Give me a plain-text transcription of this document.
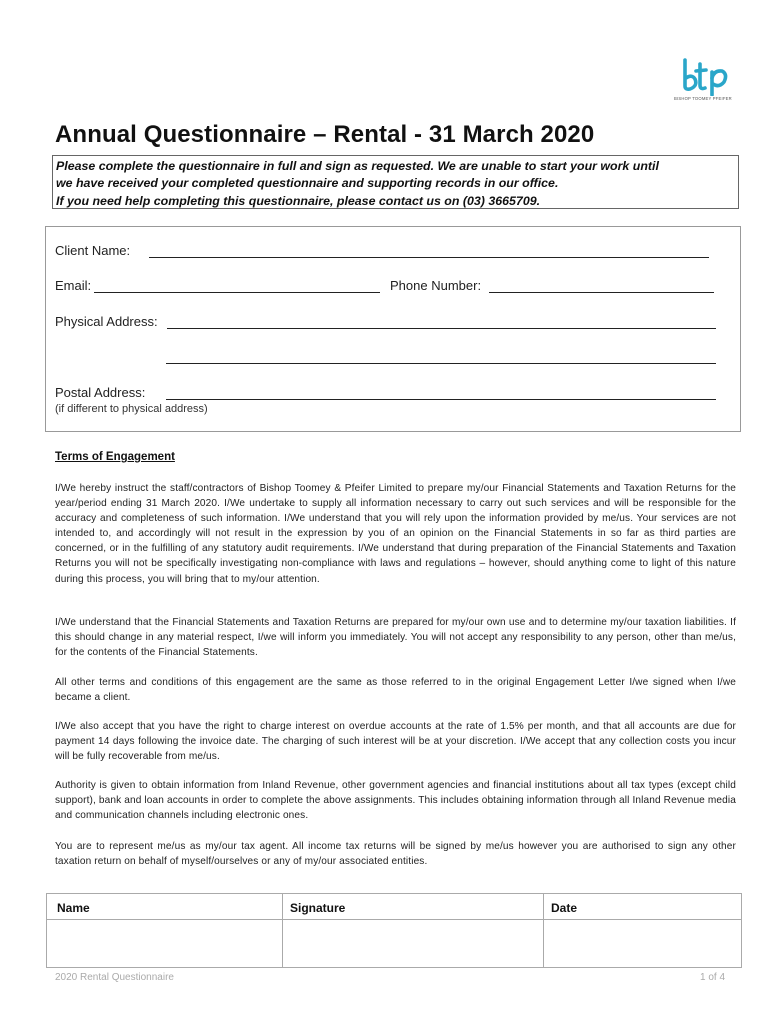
BISHOP TOOMEY PFEIFER
Annual Questionnaire – Rental - 31 March 2020
Please complete the questionnaire in full and sign as requested. We are unable to start your work until
we have received your completed questionnaire and supporting records in our office.
If you need help completing this questionnaire, please contact us on (03) 3665709.
Client Name:
Email:	Phone Number:
Physical Address:
Postal Address:
(if different to physical address)
Terms of Engagement
I/We hereby instruct the staff/contractors of Bishop Toomey & Pfeifer Limited to prepare my/our Financial Statements and Taxation Returns for the year/period ending 31 March 2020. I/We undertake to supply all information necessary to carry out such services and will be responsible for the accuracy and completeness of such information. I/We understand that you will rely upon the information provided by me/us. Your services are not intended to, and accordingly will not result in the expression by you of an opinion on the Financial Statements in so far as third parties are concerned, or in the fulfilling of any statutory audit requirements. I/We understand that during preparation of the Financial Statements and Taxation Returns you will not be specifically investigating non-compliance with laws and regulations – however, should anything come to light of this nature during this process, you will bring that to my/our attention.
I/We understand that the Financial Statements and Taxation Returns are prepared for my/our own use and to determine my/our taxation liabilities. If this should change in any material respect, I/we will inform you immediately. You will not accept any responsibility to any person, other than me/us, for the contents of the Financial Statements.
All other terms and conditions of this engagement are the same as those referred to in the original Engagement Letter I/we signed when I/we became a client.
I/We also accept that you have the right to charge interest on overdue accounts at the rate of 1.5% per month, and that all accounts are due for payment 14 days following the invoice date. The charging of such interest will be at your discretion. I/We accept that any collection costs you incur will be fully recoverable from me/us.
Authority is given to obtain information from Inland Revenue, other government agencies and financial institutions about all tax types (except child support), bank and loan accounts in order to complete the above assignments. This includes obtaining information through all Inland Revenue media and communication channels including electronic ones.
You are to represent me/us as my/our tax agent. All income tax returns will be signed by me/us however you are authorised to sign any other taxation return on behalf of myself/ourselves or any of my/our associated entities.
Name	Signature	Date
2020 Rental Questionnaire	1 of 4
